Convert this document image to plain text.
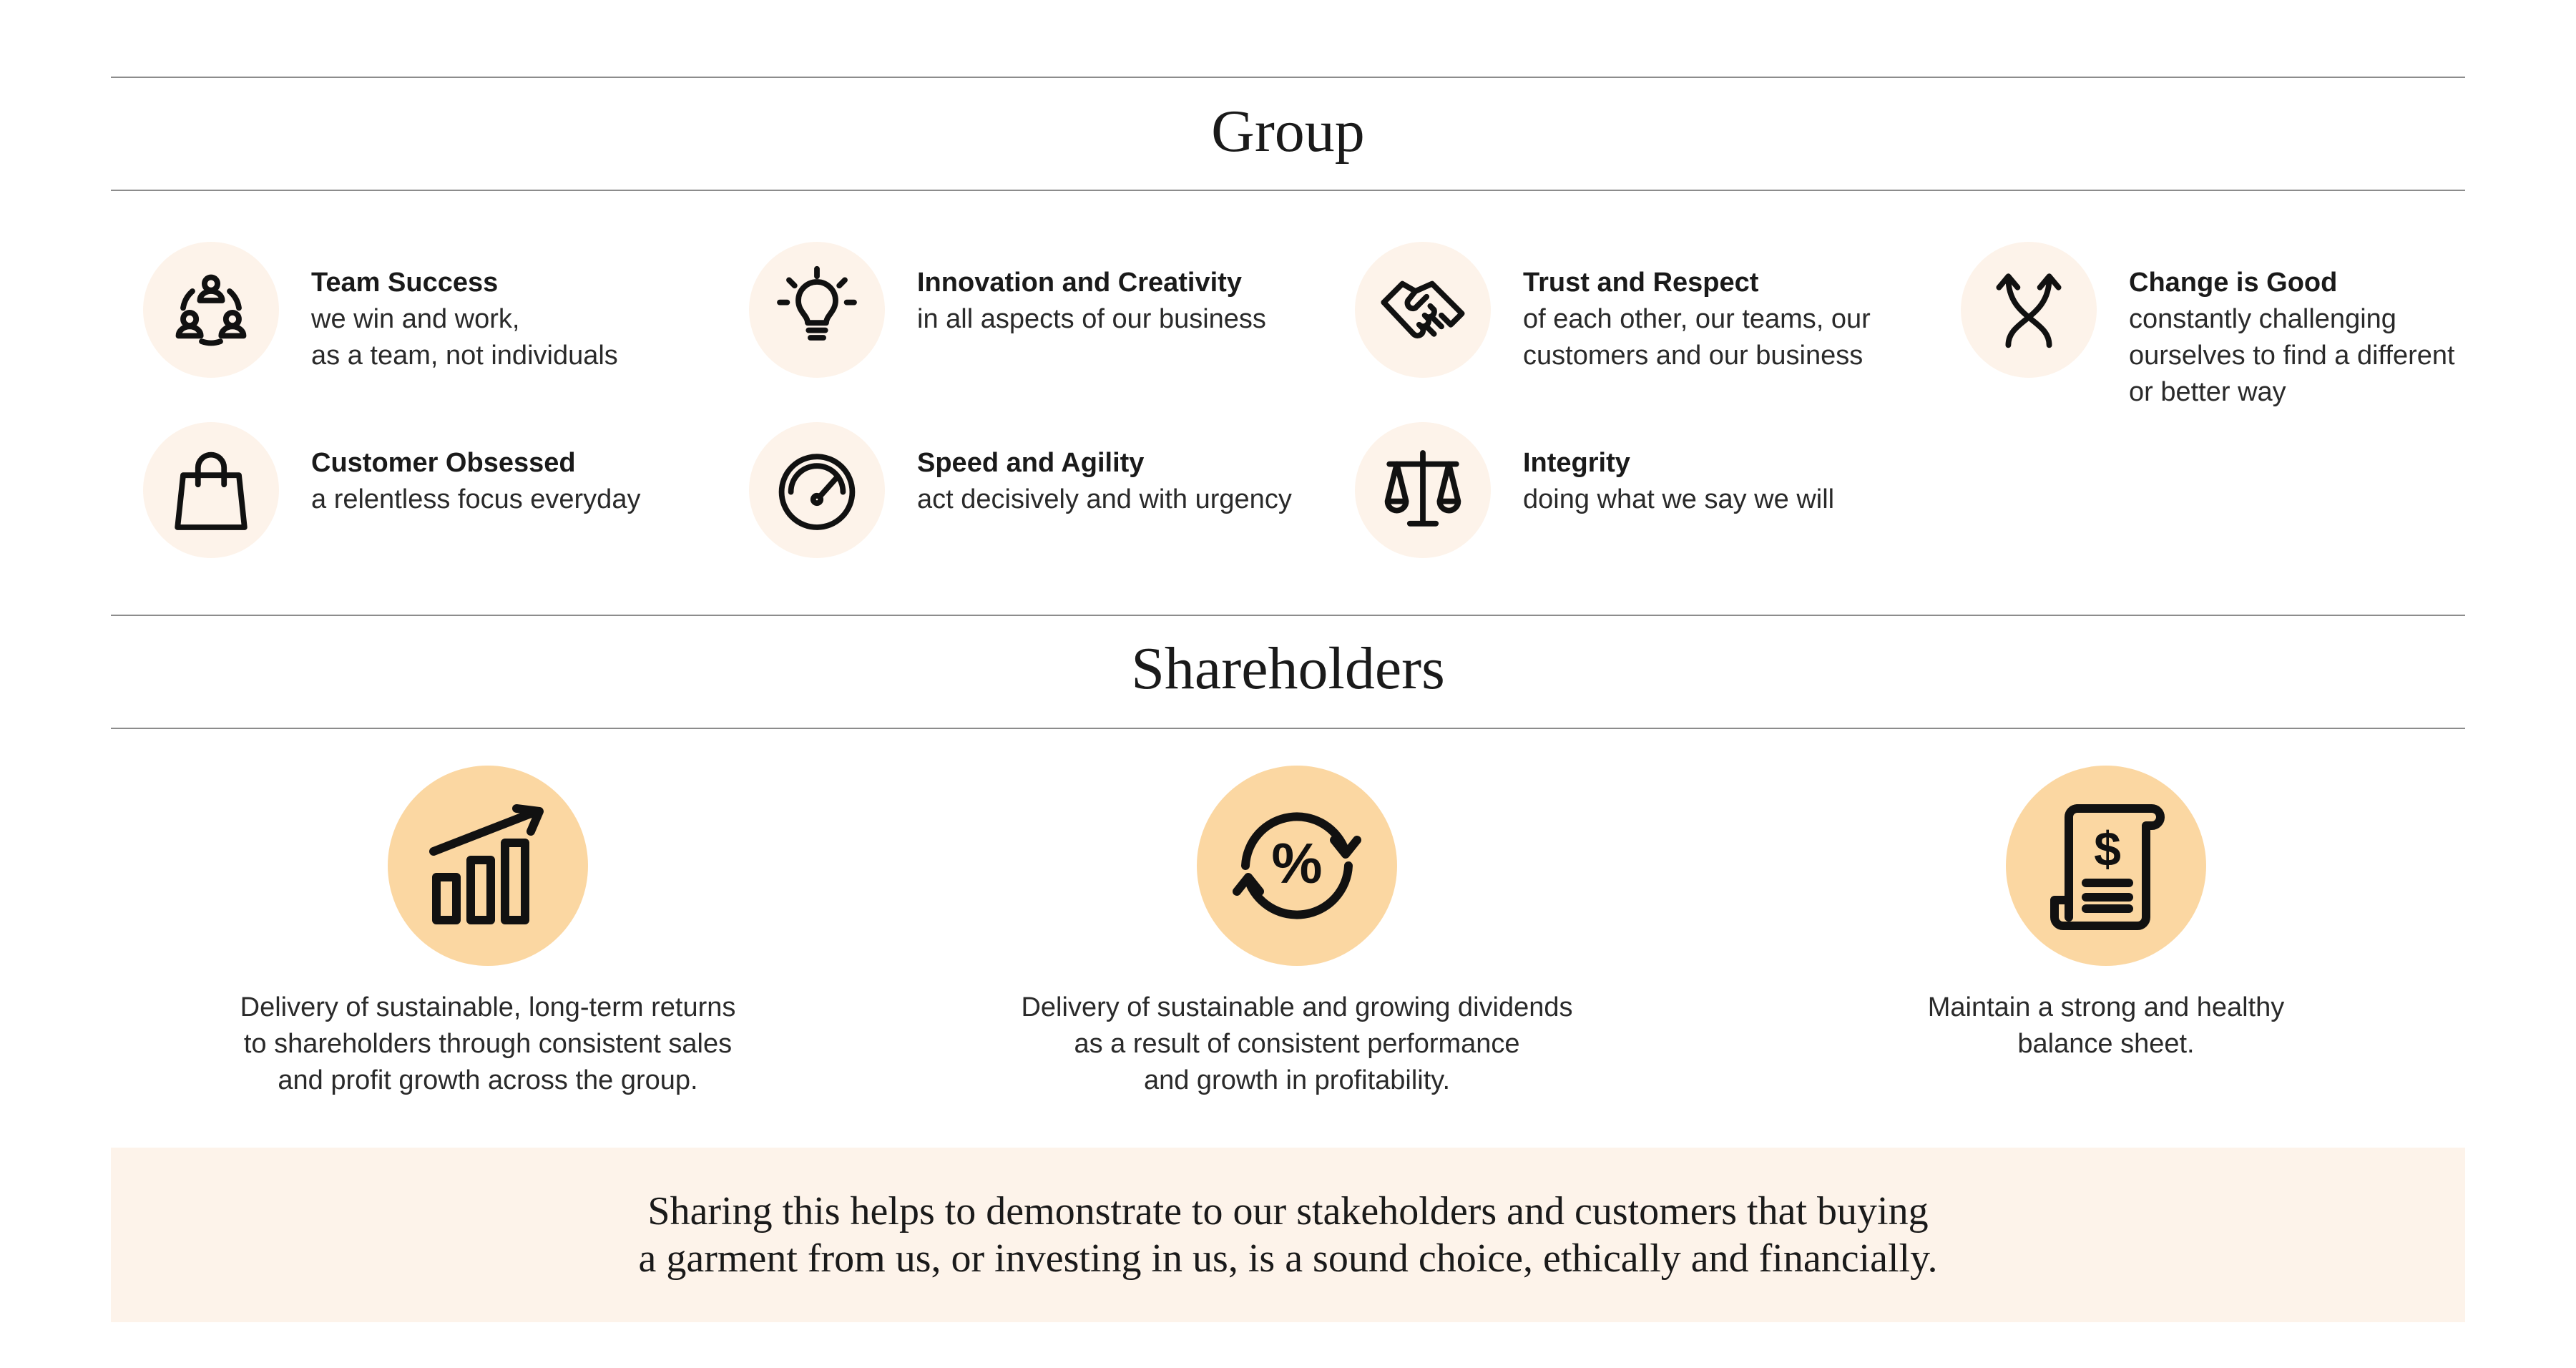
Group
Team Success
we win and work,
as a team, not individuals
Innovation and Creativity
in all aspects of our business
Trust and Respect
of each other, our teams, our
customers and our business
Change is Good
constantly challenging
ourselves to find a different
or better way
Customer Obsessed
a relentless focus everyday
Speed and Agility
act decisively and with urgency
Integrity
doing what we say we will
Shareholders
Delivery of sustainable, long-term returns
to shareholders through consistent sales
and profit growth across the group.
%
Delivery of sustainable and growing dividends
as a result of consistent performance
and growth in profitability.
$
Maintain a strong and healthy
balance sheet.
Sharing this helps to demonstrate to our stakeholders and customers that buying
a garment from us, or investing in us, is a sound choice, ethically and financially.
